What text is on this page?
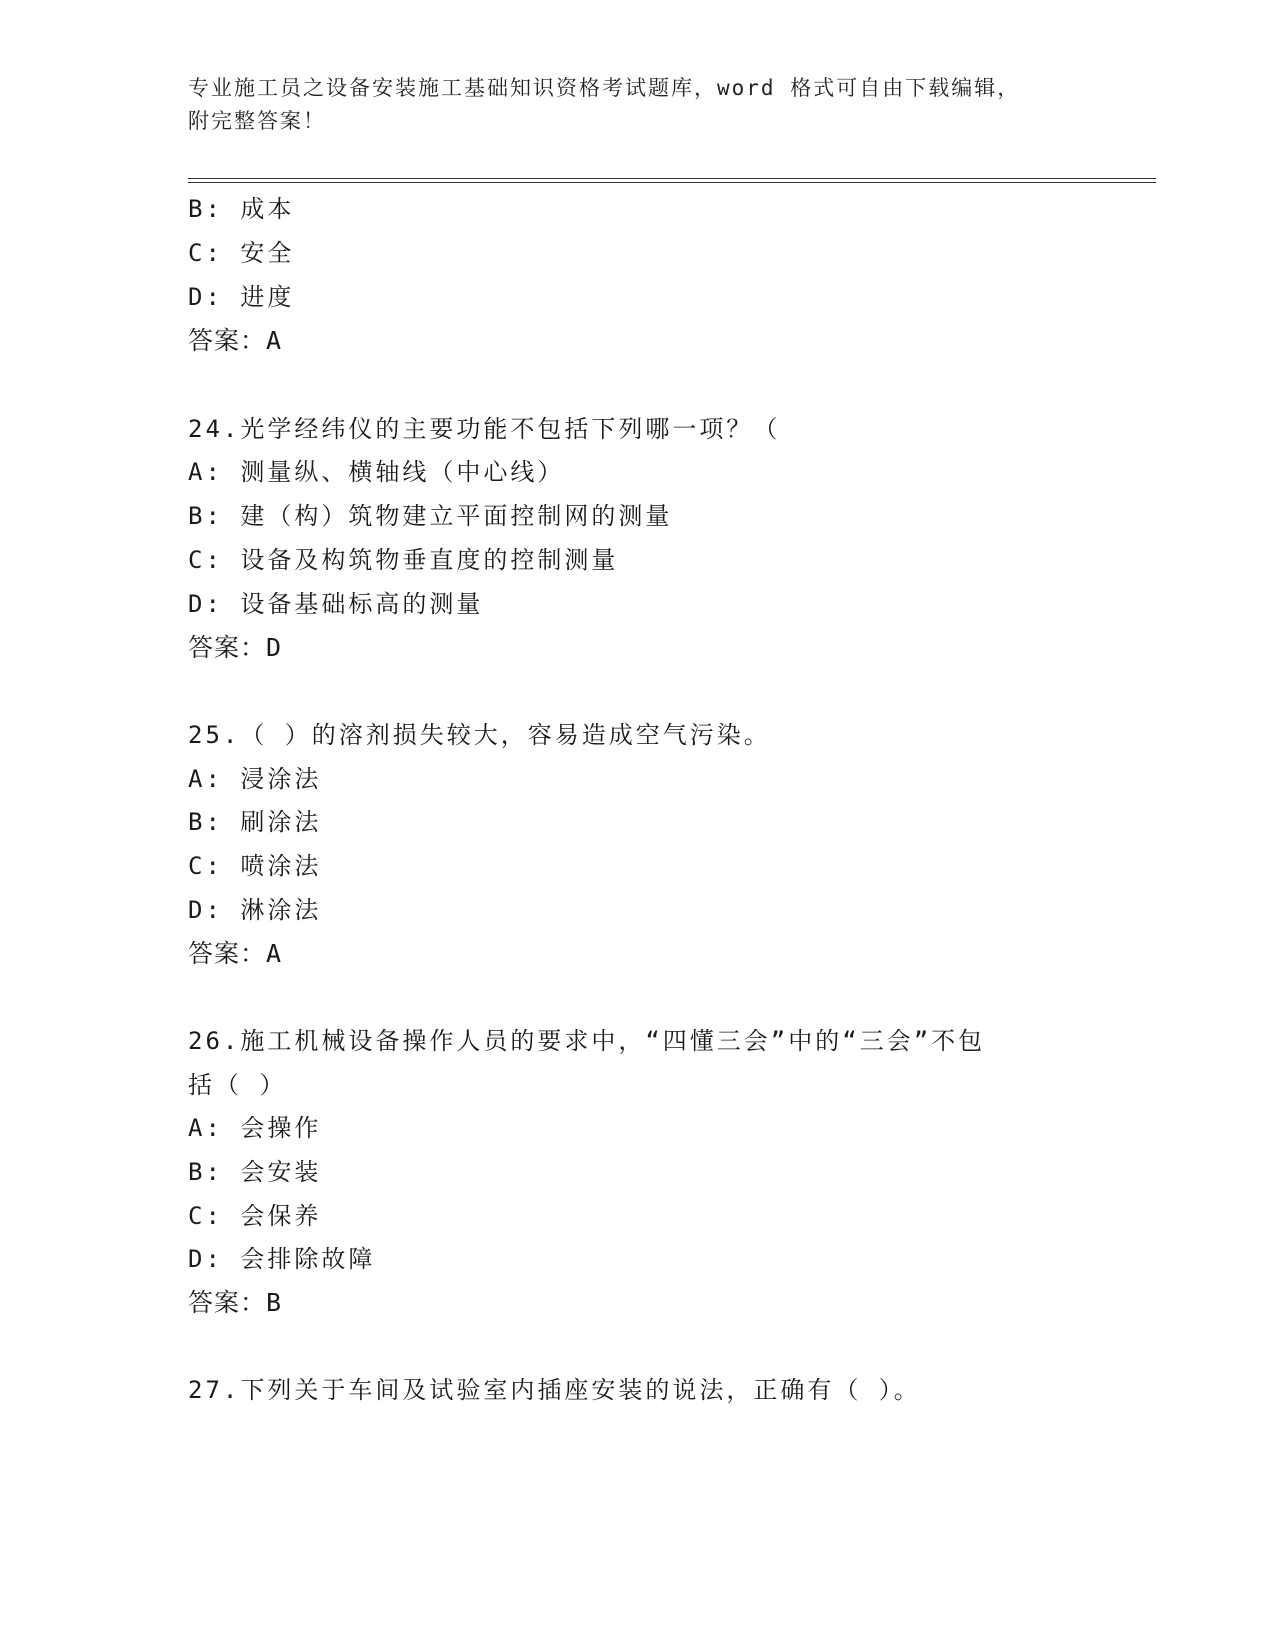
专业施工员之设备安装施工基础知识资格考试题库，word 格式可自由下载编辑，
附完整答案！
B: 成本
C: 安全
D: 进度
答案：A
24.光学经纬仪的主要功能不包括下列哪一项？（
A: 测量纵、横轴线（中心线）
B: 建（构）筑物建立平面控制网的测量
C: 设备及构筑物垂直度的控制测量
D: 设备基础标高的测量
答案：D
25.（ ）的溶剂损失较大，容易造成空气污染。
A: 浸涂法
B: 刷涂法
C: 喷涂法
D: 淋涂法
答案：A
26.施工机械设备操作人员的要求中，“四懂三会”中的“三会”不包
括（ ）
A: 会操作
B: 会安装
C: 会保养
D: 会排除故障
答案：B
27.下列关于车间及试验室内插座安装的说法，正确有（ ）。
